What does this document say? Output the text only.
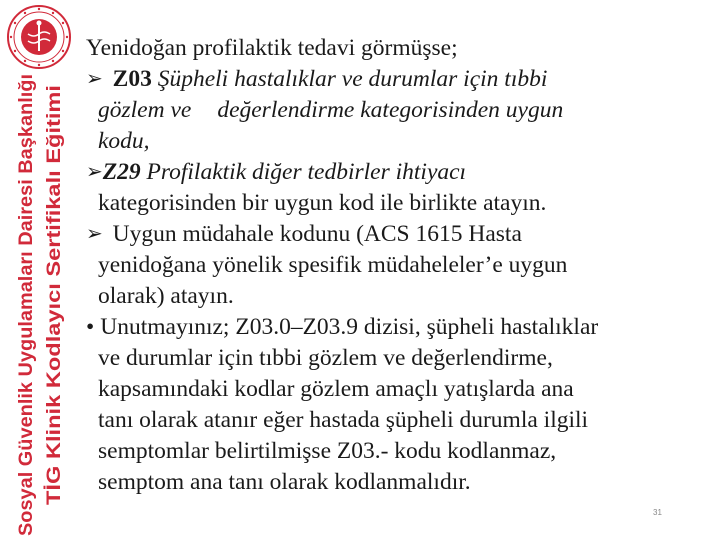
Sosyal Güvenlik Uygulamaları Dairesi Başkanlığı TİG Klinik Kodlayıcı Sertifikalı Eğitimi

Yenidoğan profilaktik tedavi görmüşse;

➢ Z03 Şüpheli hastalıklar ve durumlar için tıbbi

gözlem ve değerlendirme kategorisinden uygun

kodu,

➢Z29 Profilaktik diğer tedbirler ihtiyacı

kategorisinden bir uygun kod ile birlikte atayın.

➢ Uygun müdahale kodunu (ACS 1615 Hasta

yenidoğana yönelik spesifik müdaheleler’e uygun

olarak) atayın.

• Unutmayınız; Z03.0–Z03.9 dizisi, şüpheli hastalıklar

ve durumlar için tıbbi gözlem ve değerlendirme,

kapsamındaki kodlar gözlem amaçlı yatışlarda ana

tanı olarak atanır eğer hastada şüpheli durumla ilgili

semptomlar belirtilmişse Z03.- kodu kodlanmaz,

semptom ana tanı olarak kodlanmalıdır.

31
